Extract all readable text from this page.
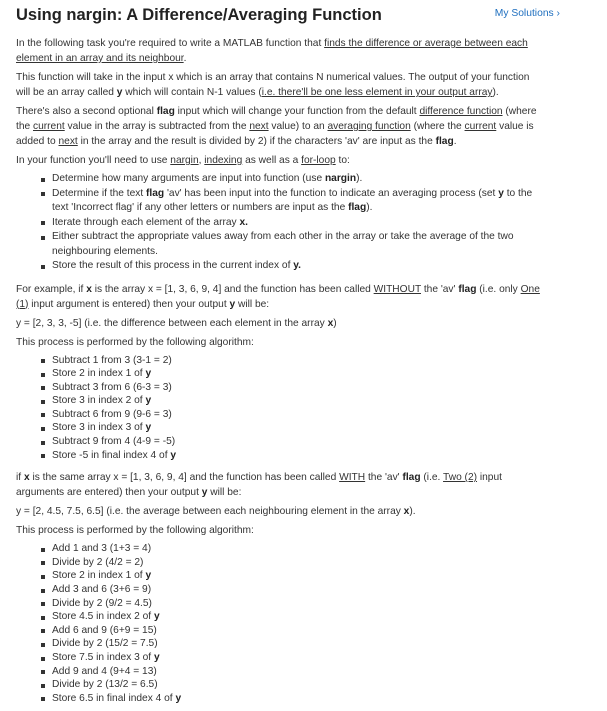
Using nargin: A Difference/Averaging Function	My Solutions ›

In the following task you're required to write a MATLAB function that finds the difference or average between each element in an array and its neighbour.

This function will take in the input x which is an array that contains N numerical values. The output of your function will be an array called y which will contain N-1 values (i.e. there'll be one less element in your output array).

There's also a second optional flag input which will change your function from the default difference function (where the current value in the array is subtracted from the next value) to an averaging function (where the current value is added to next in the array and the result is divided by 2) if the characters 'av' are input as the flag.

In your function you'll need to use nargin, indexing as well as a for-loop to:

Determine how many arguments are input into function (use nargin).
Determine if the text flag 'av' has been input into the function to indicate an averaging process (set y to the text 'Incorrect flag' if any other letters or numbers are input as the flag).
Iterate through each element of the array x.
Either subtract the appropriate values away from each other in the array or take the average of the two neighbouring elements.
Store the result of this process in the current index of y.

For example, if x is the array x = [1, 3, 6, 9, 4] and the function has been called WITHOUT the 'av' flag (i.e. only One (1) input argument is entered) then your output y will be:

y = [2, 3, 3, -5] (i.e. the difference between each element in the array x)

This process is performed by the following algorithm:

Subtract 1 from 3 (3-1 = 2)
Store 2 in index 1 of y
Subtract 3 from 6 (6-3 = 3)
Store 3 in index 2 of y
Subtract 6 from 9 (9-6 = 3)
Store 3 in index 3 of y
Subtract 9 from 4 (4-9 = -5)
Store -5 in final index 4 of y

if x is the same array x = [1, 3, 6, 9, 4] and the function has been called WITH the 'av' flag (i.e. Two (2) input arguments are entered) then your output y will be:

y = [2, 4.5, 7.5, 6.5] (i.e. the average between each neighbouring element in the array x).

This process is performed by the following algorithm:

Add 1 and 3 (1+3 = 4)
Divide by 2 (4/2 = 2)
Store 2 in index 1 of y
Add 3 and 6 (3+6 = 9)
Divide by 2 (9/2 = 4.5)
Store 4.5 in index 2 of y
Add 6 and 9 (6+9 = 15)
Divide by 2 (15/2 = 7.5)
Store 7.5 in index 3 of y
Add 9 and 4 (9+4 = 13)
Divide by 2 (13/2 = 6.5)
Store 6.5 in final index 4 of y
